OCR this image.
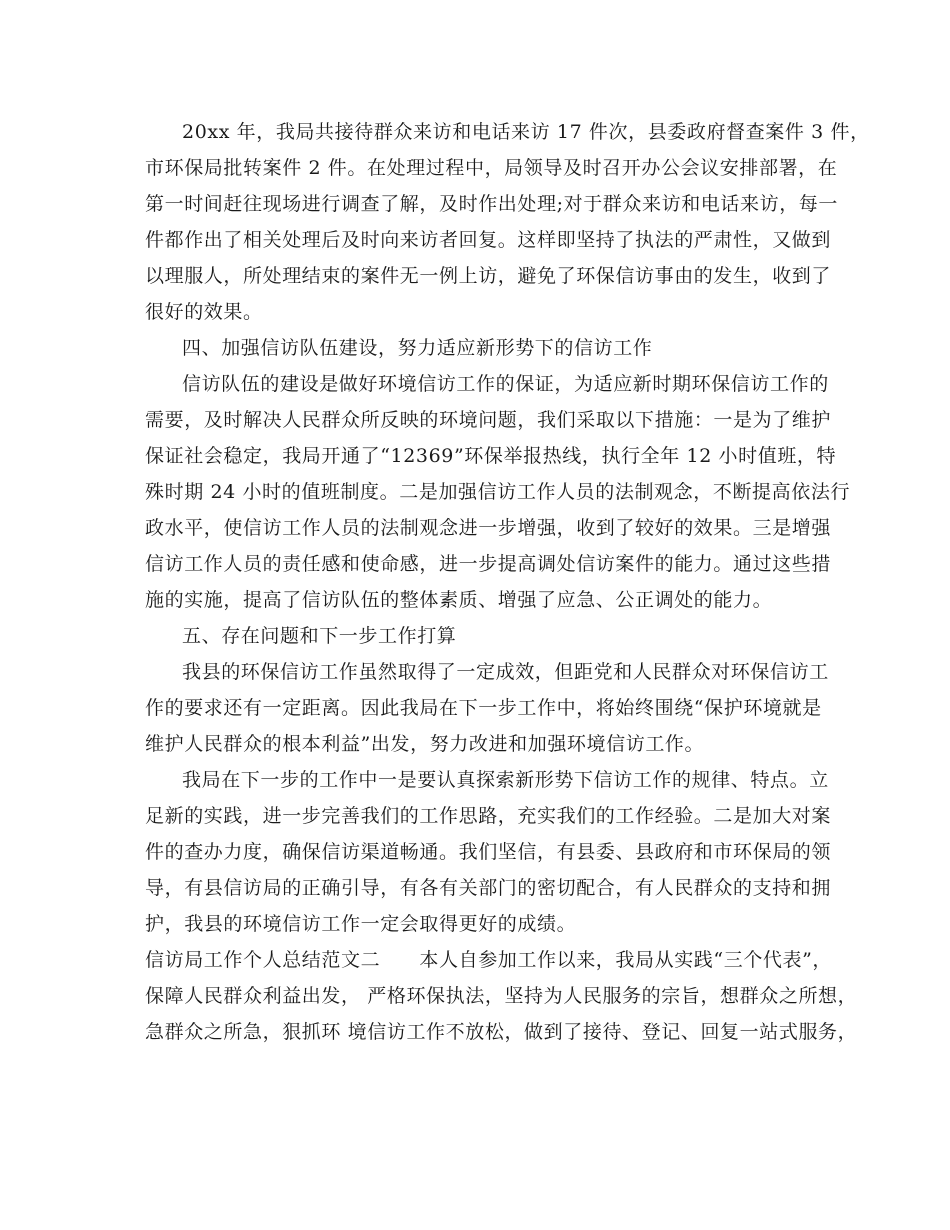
20xx 年，我局共接待群众来访和电话来访 17 件次，县委政府督查案件 3 件，
市环保局批转案件 2 件。在处理过程中，局领导及时召开办公会议安排部署，在
第一时间赶往现场进行调查了解，及时作出处理;对于群众来访和电话来访，每一
件都作出了相关处理后及时向来访者回复。这样即坚持了执法的严肃性，又做到
以理服人，所处理结束的案件无一例上访，避免了环保信访事由的发生，收到了
很好的效果。
四、加强信访队伍建设，努力适应新形势下的信访工作
信访队伍的建设是做好环境信访工作的保证，为适应新时期环保信访工作的
需要，及时解决人民群众所反映的环境问题，我们采取以下措施：一是为了维护
保证社会稳定，我局开通了“12369”环保举报热线，执行全年 12 小时值班，特
殊时期 24 小时的值班制度。二是加强信访工作人员的法制观念，不断提高依法行
政水平，使信访工作人员的法制观念进一步增强，收到了较好的效果。三是增强
信访工作人员的责任感和使命感，进一步提高调处信访案件的能力。通过这些措
施的实施，提高了信访队伍的整体素质、增强了应急、公正调处的能力。
五、存在问题和下一步工作打算
我县的环保信访工作虽然取得了一定成效，但距党和人民群众对环保信访工
作的要求还有一定距离。因此我局在下一步工作中，将始终围绕“保护环境就是
维护人民群众的根本利益”出发，努力改进和加强环境信访工作。
我局在下一步的工作中一是要认真探索新形势下信访工作的规律、特点。立
足新的实践，进一步完善我们的工作思路，充实我们的工作经验。二是加大对案
件的查办力度，确保信访渠道畅通。我们坚信，有县委、县政府和市环保局的领
导，有县信访局的正确引导，有各有关部门的密切配合，有人民群众的支持和拥
护，我县的环境信访工作一定会取得更好的成绩。
信访局工作个人总结范文二　　本人自参加工作以来，我局从实践“三个代表”，
保障人民群众利益出发， 严格环保执法，坚持为人民服务的宗旨，想群众之所想，
急群众之所急，狠抓环 境信访工作不放松，做到了接待、登记、回复一站式服务，
